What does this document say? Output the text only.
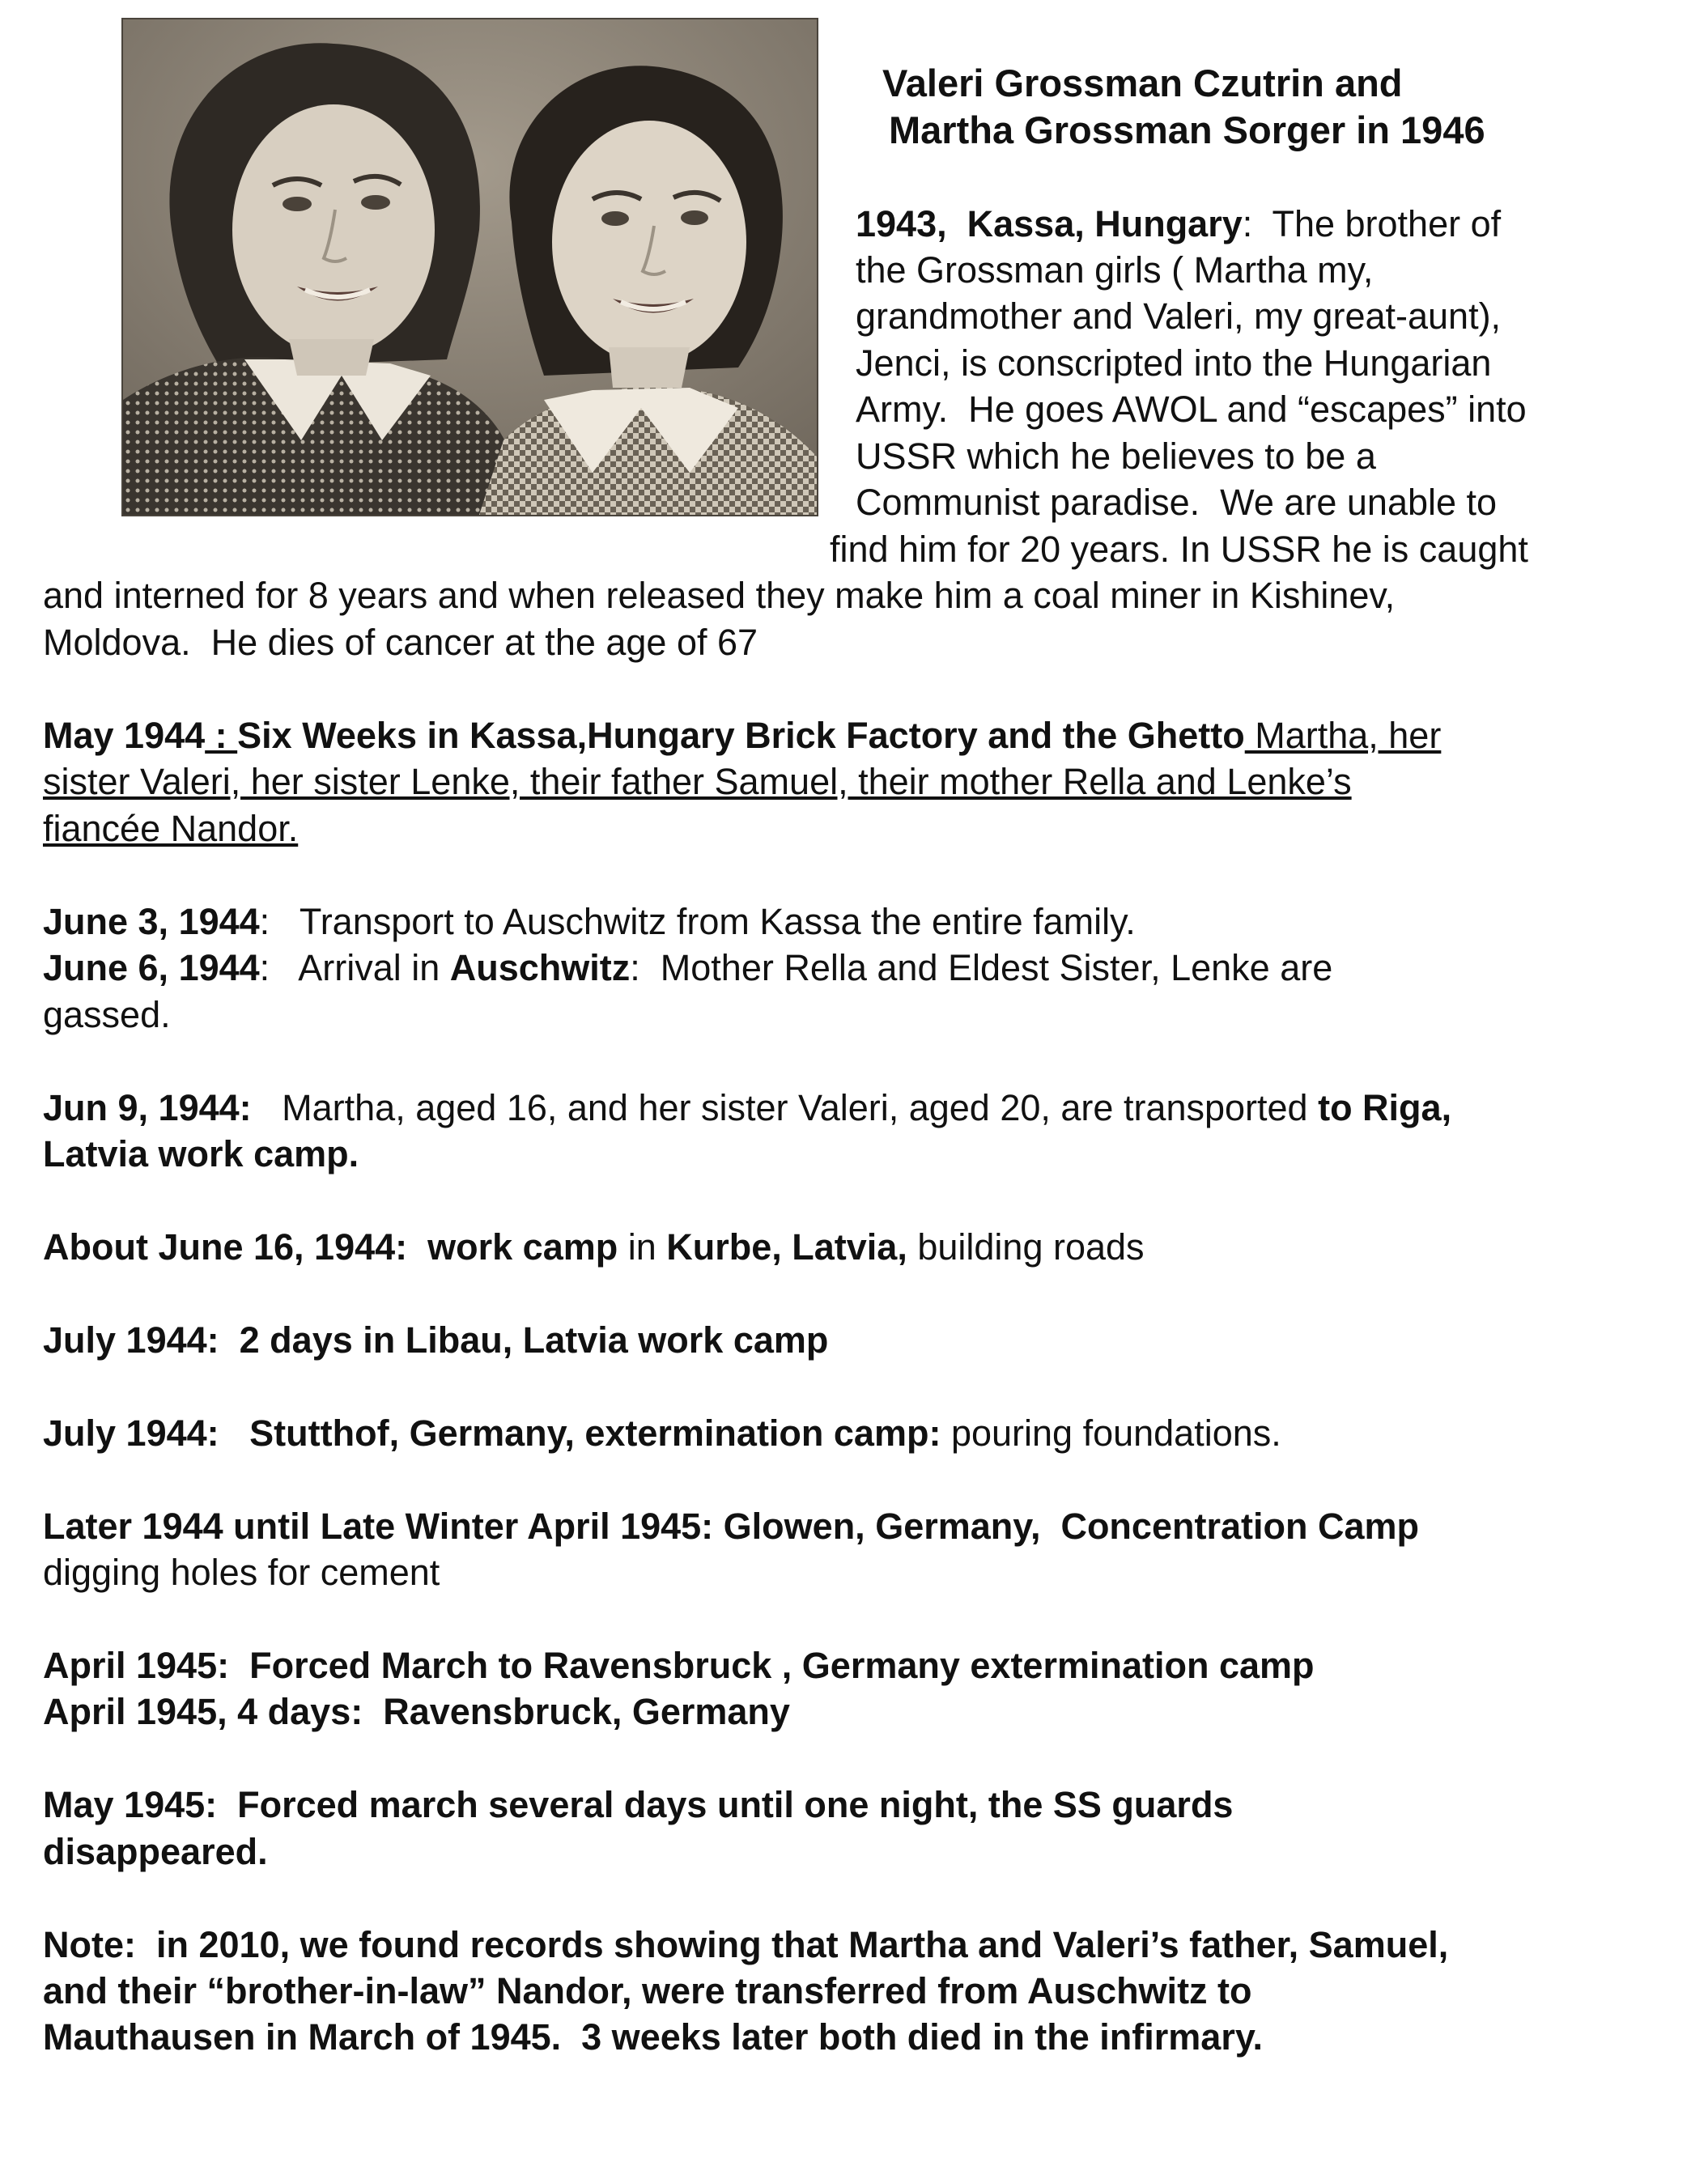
Valeri Grossman Czutrin and
Martha Grossman Sorger in 1946

1943,  Kassa, Hungary:  The brother of

the Grossman girls ( Martha my,

grandmother and Valeri, my great-aunt),

Jenci, is conscripted into the Hungarian

Army.  He goes AWOL and “escapes” into

USSR which he believes to be a

Communist paradise.  We are unable to

find him for 20 years. In USSR he is caught

and interned for 8 years and when released they make him a coal miner in Kishinev,

Moldova.  He dies of cancer at the age of 67

May 1944 : Six Weeks in Kassa,Hungary Brick Factory and the Ghetto Martha, her

sister Valeri, her sister Lenke, their father Samuel, their mother Rella and Lenke’s

fiancée Nandor.

June 3, 1944:   Transport to Auschwitz from Kassa the entire family.

June 6, 1944:   Arrival in Auschwitz:  Mother Rella and Eldest Sister, Lenke are

gassed.

Jun 9, 1944:   Martha, aged 16, and her sister Valeri, aged 20, are transported to Riga,

Latvia work camp.

About June 16, 1944:  work camp in Kurbe, Latvia, building roads

July 1944:  2 days in Libau, Latvia work camp

July 1944:   Stutthof, Germany, extermination camp: pouring foundations.

Later 1944 until Late Winter April 1945: Glowen, Germany,  Concentration Camp

digging holes for cement

April 1945:  Forced March to Ravensbruck , Germany extermination camp

April 1945, 4 days:  Ravensbruck, Germany

May 1945:  Forced march several days until one night, the SS guards

disappeared.

Note:  in 2010, we found records showing that Martha and Valeri’s father, Samuel,

and their “brother-in-law” Nandor, were transferred from Auschwitz to

Mauthausen in March of 1945.  3 weeks later both died in the infirmary.
